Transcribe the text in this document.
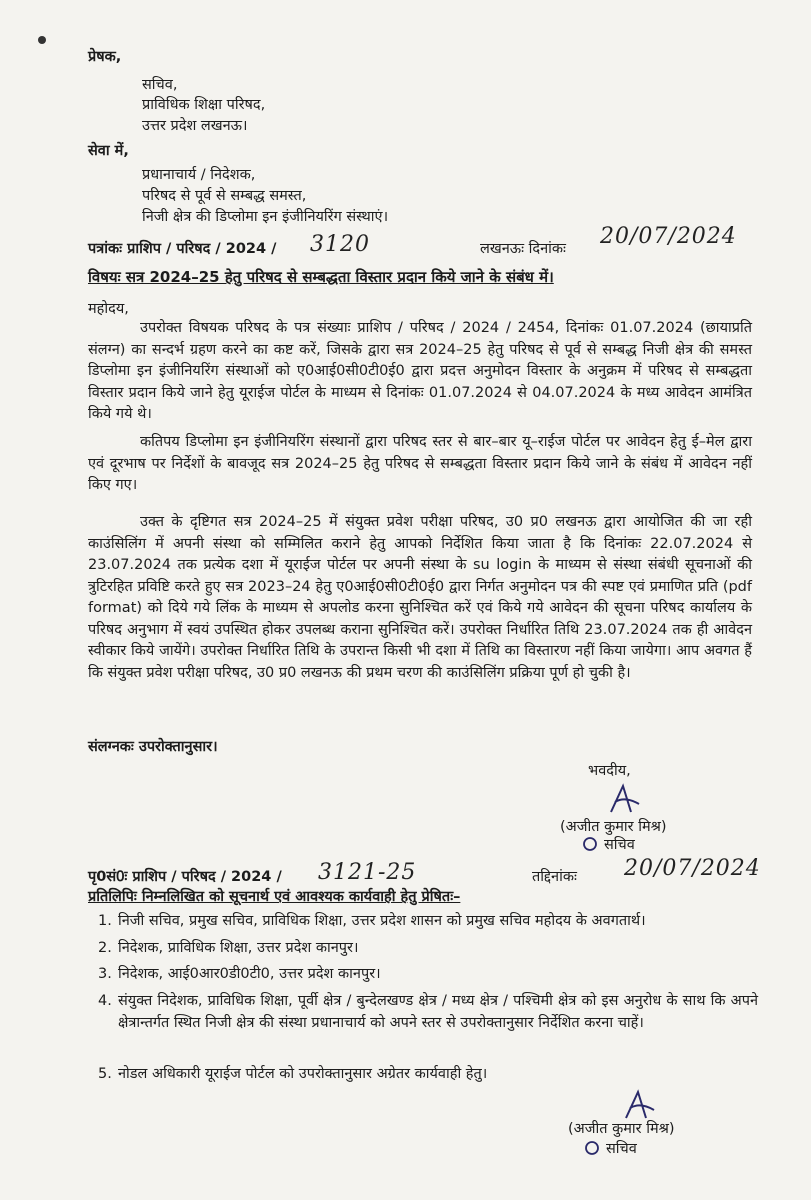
प्रेषक,
सचिव,
प्राविधिक शिक्षा परिषद,
उत्तर प्रदेश लखनऊ।
सेवा में,
प्रधानाचार्य / निदेशक,
परिषद से पूर्व से सम्बद्ध समस्त,
निजी क्षेत्र की डिप्लोमा इन इंजीनियरिंग संस्थाएं।
पत्रांकः प्राशिप / परिषद / 2024 / 3120	लखनऊः दिनांकः 20/07/2024
विषयः सत्र 2024–25 हेतु परिषद से सम्बद्धता विस्तार प्रदान किये जाने के संबंध में।
महोदय,
उपरोक्त विषयक परिषद के पत्र संख्याः प्राशिप / परिषद / 2024 / 2454, दिनांकः 01.07.2024 (छायाप्रति संलग्न) का सन्दर्भ ग्रहण करने का कष्ट करें, जिसके द्वारा सत्र 2024–25 हेतु परिषद से पूर्व से सम्बद्ध निजी क्षेत्र की समस्त डिप्लोमा इन इंजीनियरिंग संस्थाओं को ए0आई0सी0टी0ई0 द्वारा प्रदत्त अनुमोदन विस्तार के अनुक्रम में परिषद से सम्बद्धता विस्तार प्रदान किये जाने हेतु यूराईज पोर्टल के माध्यम से दिनांकः 01.07.2024 से 04.07.2024 के मध्य आवेदन आमंत्रित किये गये थे।
कतिपय डिप्लोमा इन इंजीनियरिंग संस्थानों द्वारा परिषद स्तर से बार–बार यू–राईज पोर्टल पर आवेदन हेतु ई–मेल द्वारा एवं दूरभाष पर निर्देशों के बावजूद सत्र 2024–25 हेतु परिषद से सम्बद्धता विस्तार प्रदान किये जाने के संबंध में आवेदन नहीं किए गए।
उक्त के दृष्टिगत सत्र 2024–25 में संयुक्त प्रवेश परीक्षा परिषद, उ0 प्र0 लखनऊ द्वारा आयोजित की जा रही काउंसिलिंग में अपनी संस्था को सम्मिलित कराने हेतु आपको निर्देशित किया जाता है कि दिनांकः 22.07.2024 से 23.07.2024 तक प्रत्येक दशा में यूराईज पोर्टल पर अपनी संस्था के su login के माध्यम से संस्था संबंधी सूचनाओं की त्रुटिरहित प्रविष्टि करते हुए सत्र 2023–24 हेतु ए0आई0सी0टी0ई0 द्वारा निर्गत अनुमोदन पत्र की स्पष्ट एवं प्रमाणित प्रति (pdf format) को दिये गये लिंक के माध्यम से अपलोड करना सुनिश्चित करें एवं किये गये आवेदन की सूचना परिषद कार्यालय के परिषद अनुभाग में स्वयं उपस्थित होकर उपलब्ध कराना सुनिश्चित करें। उपरोक्त निर्धारित तिथि 23.07.2024 तक ही आवेदन स्वीकार किये जायेंगे। उपरोक्त निर्धारित तिथि के उपरान्त किसी भी दशा में तिथि का विस्तारण नहीं किया जायेगा। आप अवगत हैं कि संयुक्त प्रवेश परीक्षा परिषद, उ0 प्र0 लखनऊ की प्रथम चरण की काउंसिलिंग प्रक्रिया पूर्ण हो चुकी है।
संलग्नकः उपरोक्तानुसार।
भवदीय,
(अजीत कुमार मिश्र)
सचिव
पृ0सं0ः प्राशिप / परिषद / 2024 / 3121-25	तद्दिनांकः 20/07/2024
प्रतिलिपिः निम्नलिखित को सूचनार्थ एवं आवश्यक कार्यवाही हेतु प्रेषितः–
1. निजी सचिव, प्रमुख सचिव, प्राविधिक शिक्षा, उत्तर प्रदेश शासन को प्रमुख सचिव महोदय के अवगतार्थ।
2. निदेशक, प्राविधिक शिक्षा, उत्तर प्रदेश कानपुर।
3. निदेशक, आई0आर0डी0टी0, उत्तर प्रदेश कानपुर।
4. संयुक्त निदेशक, प्राविधिक शिक्षा, पूर्वी क्षेत्र / बुन्देलखण्ड क्षेत्र / मध्य क्षेत्र / पश्चिमी क्षेत्र को इस अनुरोध के साथ कि अपने क्षेत्रान्तर्गत स्थित निजी क्षेत्र की संस्था प्रधानाचार्य को अपने स्तर से उपरोक्तानुसार निर्देशित करना चाहें।
5. नोडल अधिकारी यूराईज पोर्टल को उपरोक्तानुसार अग्रेतर कार्यवाही हेतु।
(अजीत कुमार मिश्र)
सचिव
